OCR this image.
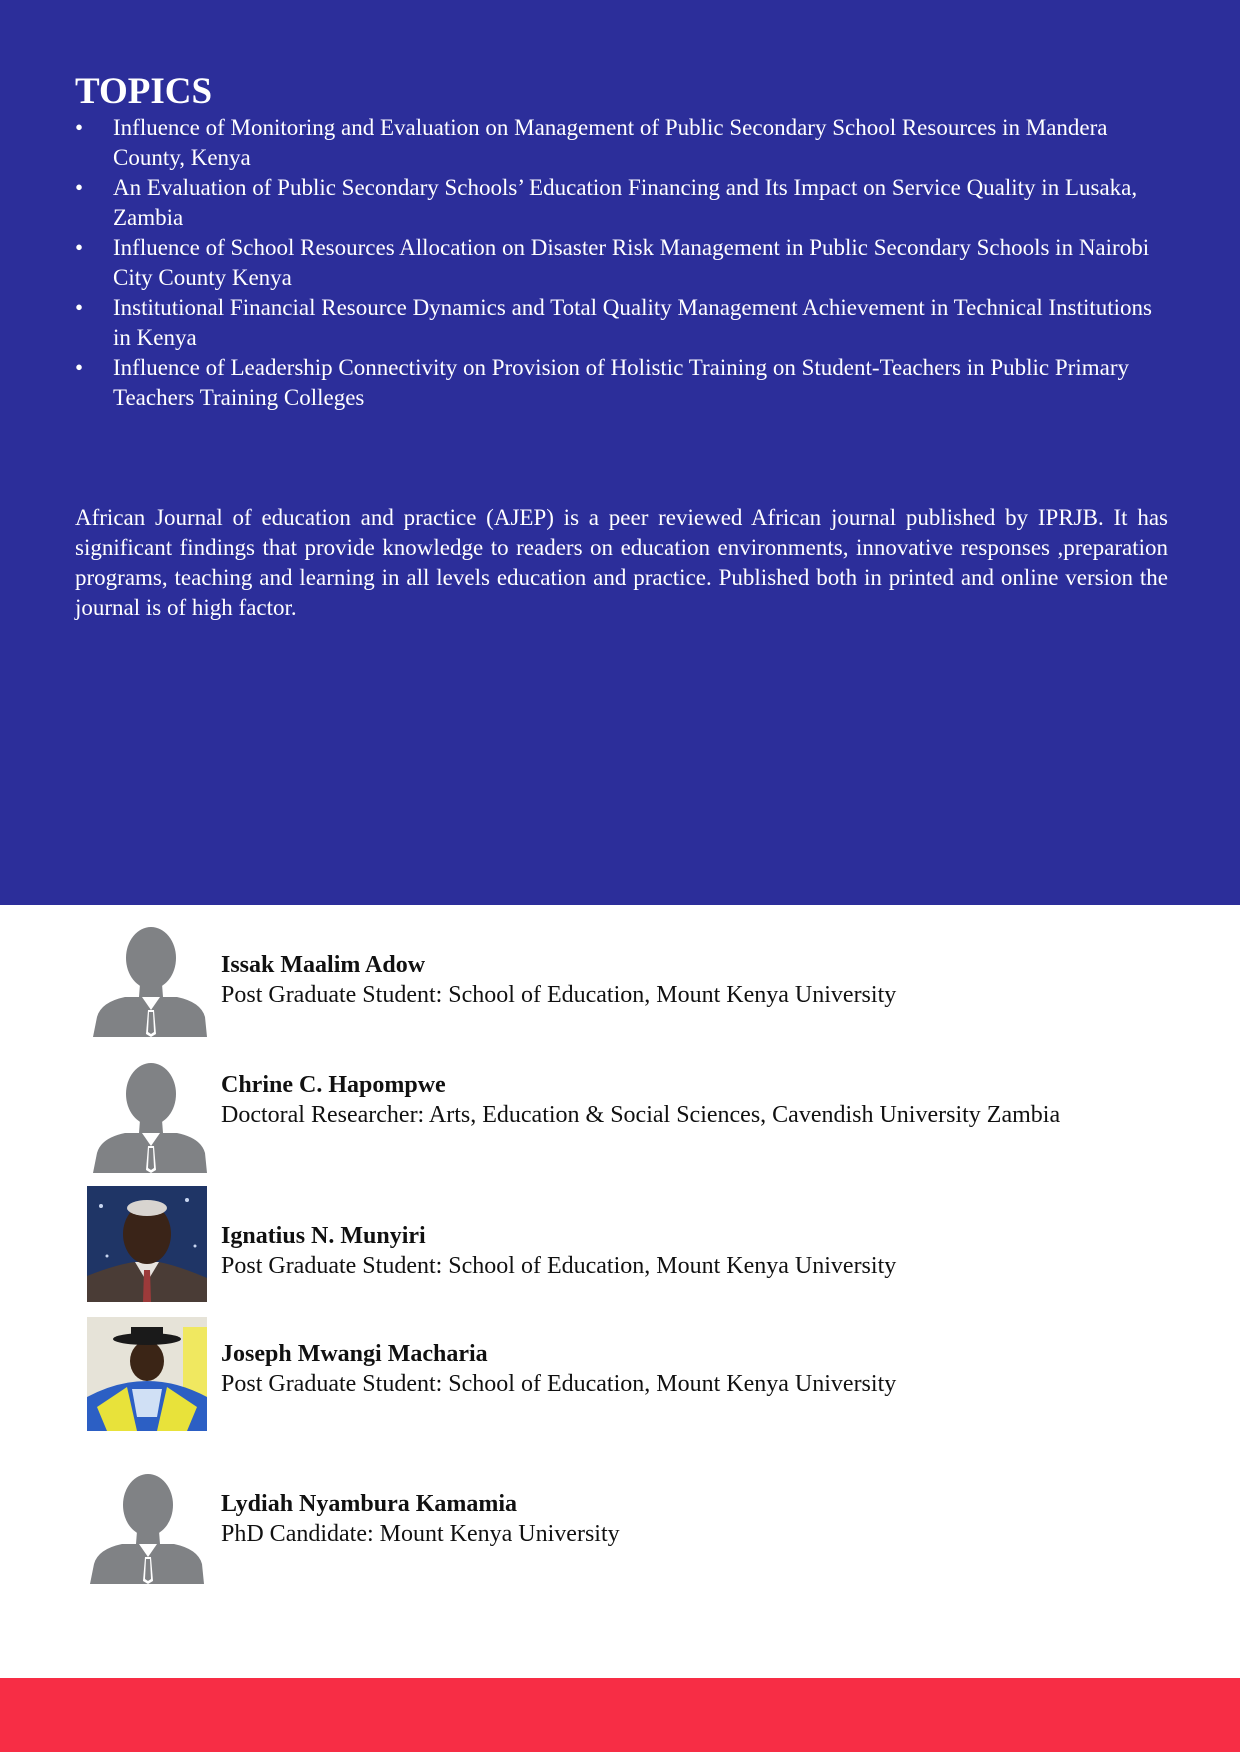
TOPICS
•	Influence of Monitoring and Evaluation on Management of Public Secondary School Resources in Mandera County, Kenya
•	An Evaluation of Public Secondary Schools’ Education Financing and Its Impact on Service Quality in Lusaka, Zambia
•	Influence of School Resources Allocation on Disaster Risk Management in Public Secondary Schools in Nairobi City County Kenya
•	Institutional Financial Resource Dynamics and Total Quality Management Achievement in Technical Institutions in Kenya
•	Influence of Leadership Connectivity on Provision of Holistic Training on Student-Teachers in Public Primary Teachers Training Colleges

African Journal of education and practice (AJEP) is a peer reviewed African journal published by IPRJB. It has significant findings that provide knowledge to readers on education environments, innovative responses ,preparation programs, teaching and learning in all levels education and practice. Published both in printed and online version the journal is of high factor.

Issak Maalim Adow
Post Graduate Student: School of Education, Mount Kenya University
Chrine C. Hapompwe
Doctoral Researcher: Arts, Education & Social Sciences, Cavendish University Zambia
Ignatius N. Munyiri
Post Graduate Student: School of Education, Mount Kenya University
Joseph Mwangi Macharia
Post Graduate Student: School of Education, Mount Kenya University
Lydiah Nyambura Kamamia
PhD Candidate: Mount Kenya University
